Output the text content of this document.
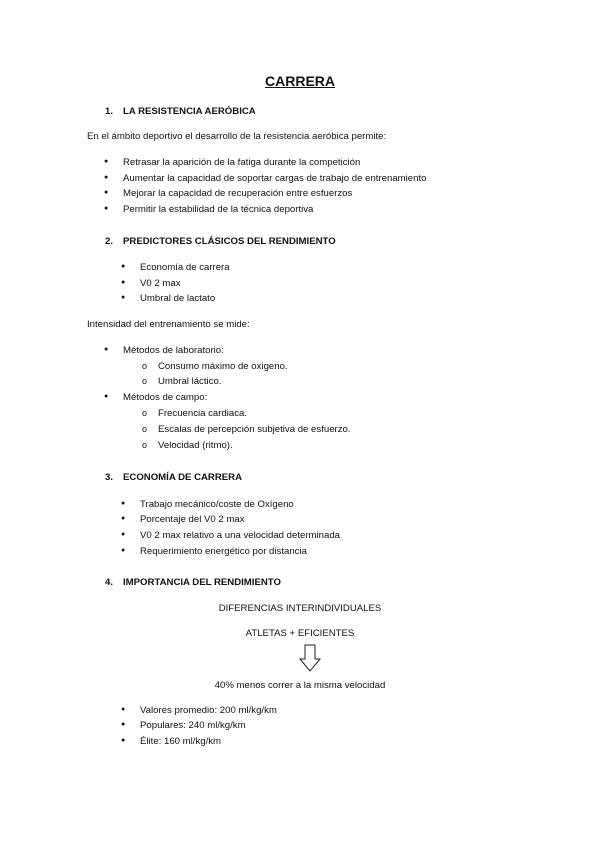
CARRERA
1. LA RESISTENCIA AERÓBICA
En el ámbito deportivo el desarrollo de la resistencia aeróbica permite:
● Retrasar la aparición de la fatiga durante la competición
● Aumentar la capacidad de soportar cargas de trabajo de entrenamiento
● Mejorar la capacidad de recuperación entre esfuerzos
● Permitir la estabilidad de la técnica deportiva
2. PREDICTORES CLÁSICOS DEL RENDIMIENTO
● Economía de carrera
● V0 2 max
● Umbral de lactato
Intensidad del entrenamiento se mide:
● Métodos de laboratorio:
o Consumo máximo de oxigeno.
o Umbral láctico.
● Métodos de campo:
o Frecuencia cardiaca.
o Escalas de percepción subjetiva de esfuerzo.
o Velocidad (ritmo).
3. ECONOMÍA DE CARRERA
● Trabajo mecánico/coste de Oxígeno
● Porcentaje del V0 2 max
● V0 2 max relativo a una velocidad determinada
● Requerimiento energético por distancia
4. IMPORTANCIA DEL RENDIMIENTO
DIFERENCIAS INTERINDIVIDUALES
ATLETAS + EFICIENTES
40% menos correr a la misma velocidad
● Valores promedio: 200 ml/kg/km
● Populares: 240 ml/kg/km
● Élite: 160 ml/kg/km
